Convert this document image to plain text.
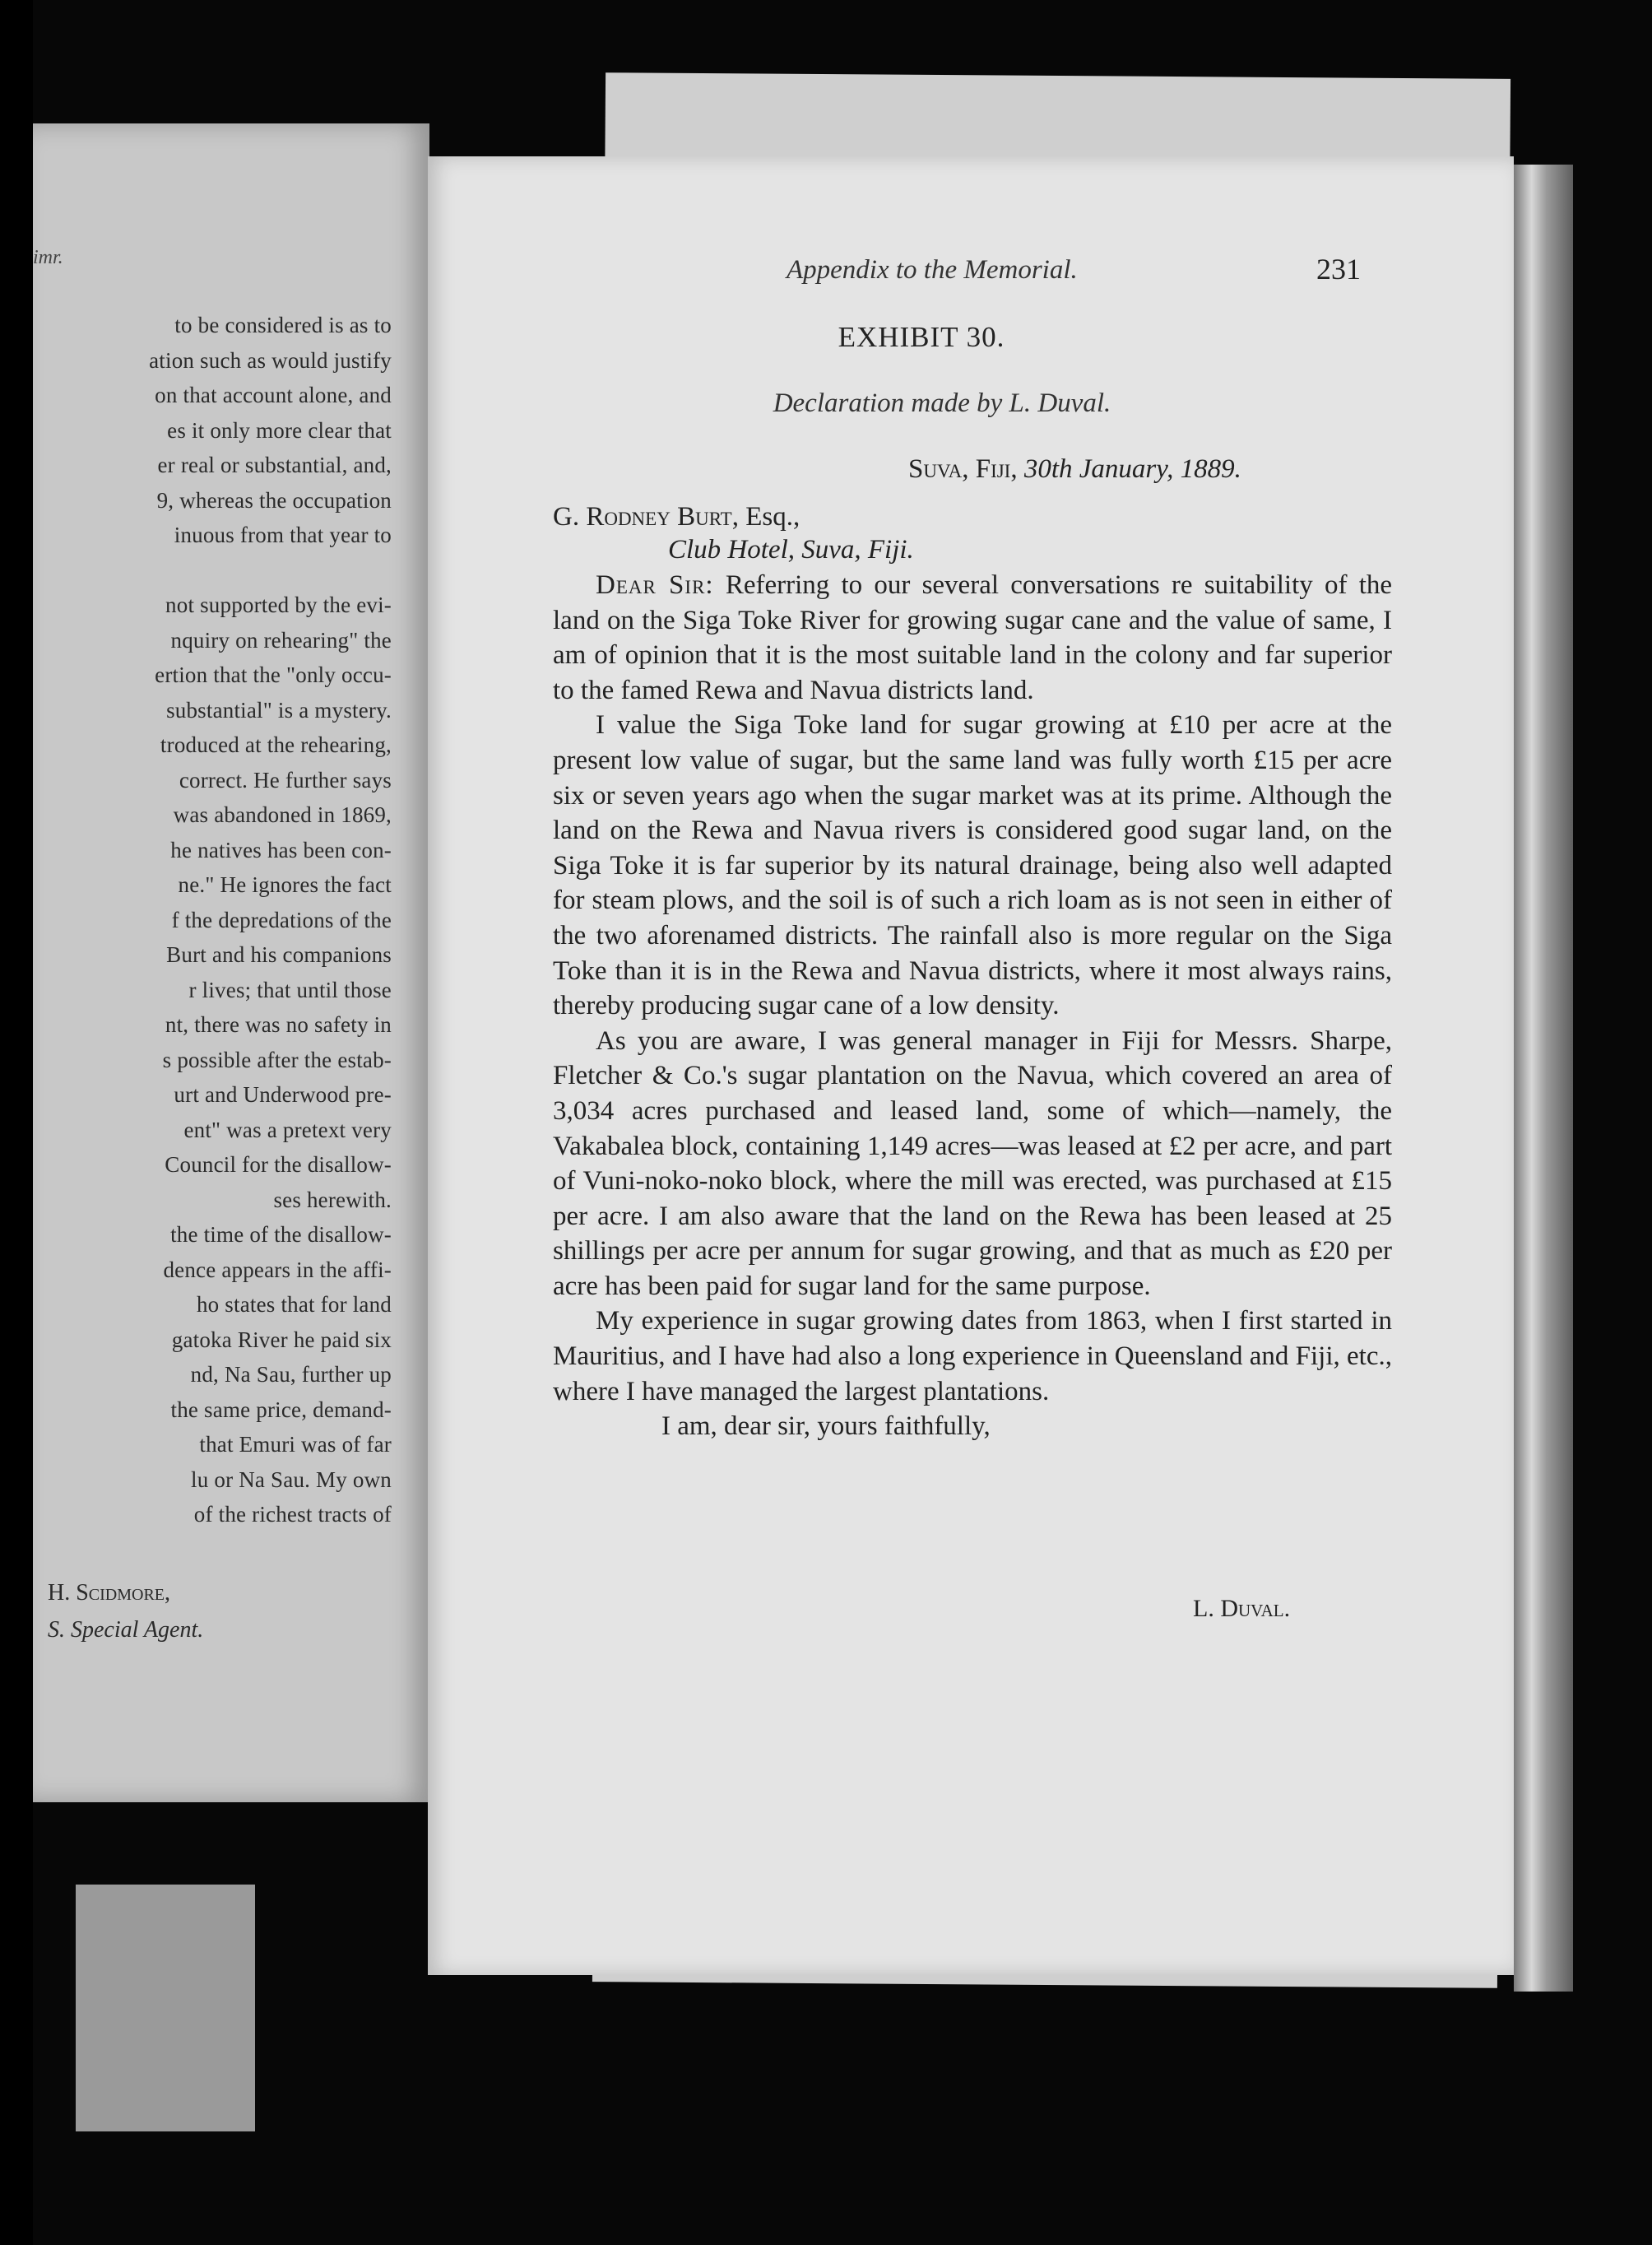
imr.
to be considered is as to
ation such as would justify
on that account alone, and
es it only more clear that
er real or substantial, and,
9, whereas the occupation
inuous from that year to
not supported by the evi-
nquiry on rehearing" the
ertion that the "only occu-
substantial" is a mystery.
troduced at the rehearing,
correct. He further says
was abandoned in 1869,
he natives has been con-
ne." He ignores the fact
f the depredations of the
Burt and his companions
r lives; that until those
nt, there was no safety in
s possible after the estab-
urt and Underwood pre-
ent" was a pretext very
Council for the disallow-
ses herewith.
the time of the disallow-
dence appears in the affi-
ho states that for land
gatoka River he paid six
nd, Na Sau, further up
the same price, demand-
that Emuri was of far
lu or Na Sau. My own
of the richest tracts of
H. Scidmore,
S. Special Agent.
Appendix to the Memorial.	231
EXHIBIT 30.
Declaration made by L. Duval.
Suva, Fiji, 30th January, 1889.
G. Rodney Burt, Esq.,
Club Hotel, Suva, Fiji.

Dear Sir: Referring to our several conversations re suitability of the land on the Siga Toke River for growing sugar cane and the value of same, I am of opinion that it is the most suitable land in the colony and far superior to the famed Rewa and Navua districts land.

I value the Siga Toke land for sugar growing at £10 per acre at the present low value of sugar, but the same land was fully worth £15 per acre six or seven years ago when the sugar market was at its prime. Although the land on the Rewa and Navua rivers is considered good sugar land, on the Siga Toke it is far superior by its natural drainage, being also well adapted for steam plows, and the soil is of such a rich loam as is not seen in either of the two aforenamed districts. The rainfall also is more regular on the Siga Toke than it is in the Rewa and Navua districts, where it most always rains, thereby producing sugar cane of a low density.

As you are aware, I was general manager in Fiji for Messrs. Sharpe, Fletcher & Co.'s sugar plantation on the Navua, which covered an area of 3,034 acres purchased and leased land, some of which—namely, the Vakabalea block, containing 1,149 acres—was leased at £2 per acre, and part of Vuni-noko-noko block, where the mill was erected, was purchased at £15 per acre. I am also aware that the land on the Rewa has been leased at 25 shillings per acre per annum for sugar growing, and that as much as £20 per acre has been paid for sugar land for the same purpose.

My experience in sugar growing dates from 1863, when I first started in Mauritius, and I have had also a long experience in Queensland and Fiji, etc., where I have managed the largest plantations.

I am, dear sir, yours faithfully,

L. Duval.
